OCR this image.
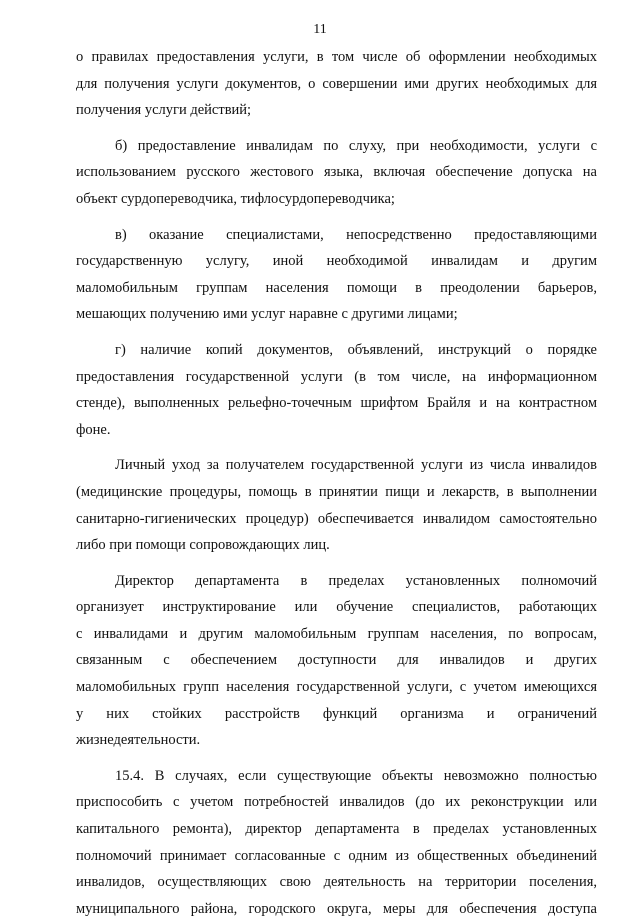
11
о правилах предоставления услуги, в том числе об оформлении необходимых
для получения услуги документов, о совершении ими других необходимых для
получения услуги действий;
б) предоставление инвалидам по слуху, при необходимости, услуги с
использованием русского жестового языка, включая обеспечение допуска на
объект сурдопереводчика, тифлосурдопереводчика;
в) оказание специалистами, непосредственно предоставляющими
государственную услугу, иной необходимой инвалидам и другим
маломобильным группам населения помощи в преодолении барьеров,
мешающих получению ими услуг наравне с другими лицами;
г) наличие копий документов, объявлений, инструкций о порядке
предоставления государственной услуги (в том числе, на информационном
стенде), выполненных рельефно-точечным шрифтом Брайля и на контрастном
фоне.
Личный уход за получателем государственной услуги из числа инвалидов
(медицинские процедуры, помощь в принятии пищи и лекарств, в выполнении
санитарно-гигиенических процедур) обеспечивается инвалидом самостоятельно
либо при помощи сопровождающих лиц.
Директор департамента в пределах установленных полномочий
организует инструктирование или обучение специалистов, работающих
с инвалидами и другим маломобильным группам населения, по вопросам,
связанным с обеспечением доступности для инвалидов и других
маломобильных групп населения государственной услуги, с учетом имеющихся
у них стойких расстройств функций организма и ограничений
жизнедеятельности.
15.4. В случаях, если существующие объекты невозможно полностью
приспособить с учетом потребностей инвалидов (до их реконструкции или
капитального ремонта), директор департамента в пределах установленных
полномочий принимает согласованные с одним из общественных объединений
инвалидов, осуществляющих свою деятельность на территории поселения,
муниципального района, городского округа, меры для обеспечения доступа
